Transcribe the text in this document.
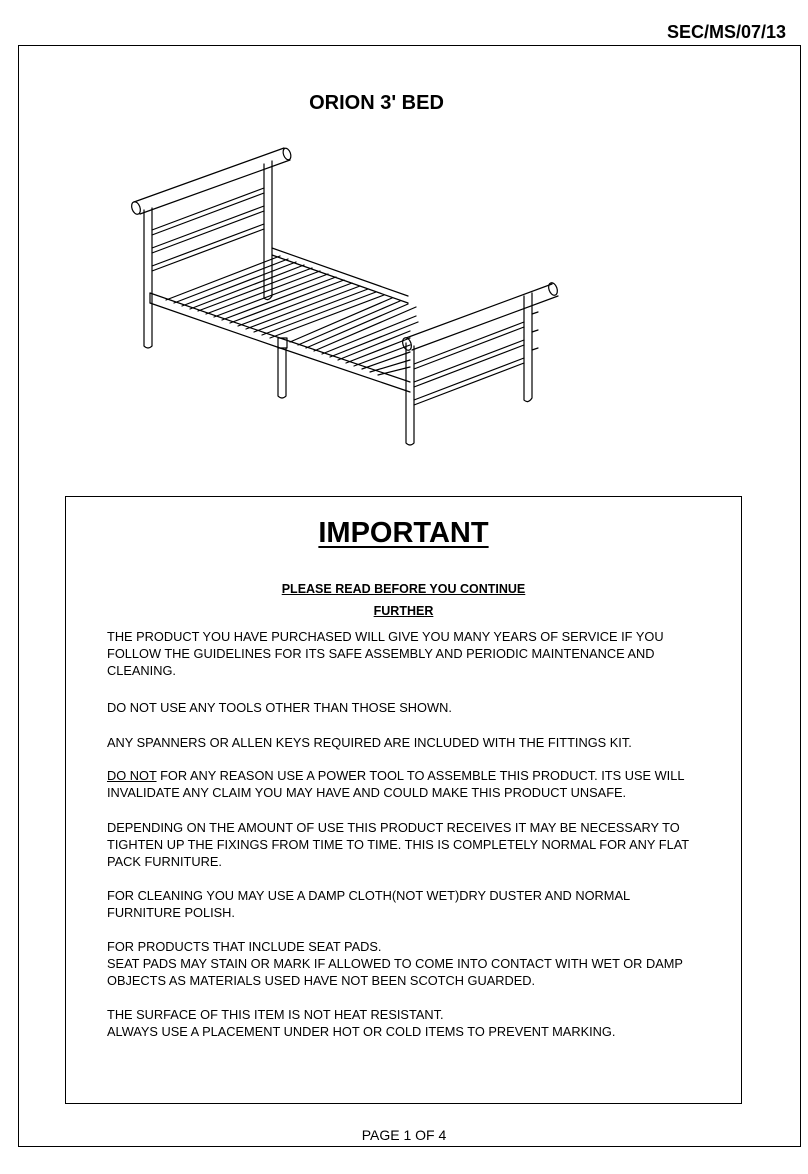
SEC/MS/07/13
ORION 3' BED
IMPORTANT
PLEASE READ BEFORE YOU CONTINUE
FURTHER

THE PRODUCT YOU HAVE PURCHASED WILL GIVE YOU MANY YEARS OF SERVICE IF YOU FOLLOW THE GUIDELINES FOR ITS SAFE ASSEMBLY AND PERIODIC MAINTENANCE AND CLEANING.

DO NOT USE ANY TOOLS OTHER THAN THOSE SHOWN.

ANY SPANNERS OR ALLEN KEYS REQUIRED ARE INCLUDED WITH THE FITTINGS KIT.

DO NOT FOR ANY REASON USE A POWER TOOL TO ASSEMBLE THIS PRODUCT. ITS USE WILL INVALIDATE ANY CLAIM YOU MAY HAVE AND COULD MAKE THIS PRODUCT UNSAFE.

DEPENDING ON THE AMOUNT OF USE THIS PRODUCT RECEIVES IT MAY BE NECESSARY TO TIGHTEN UP THE FIXINGS FROM TIME TO TIME. THIS IS COMPLETELY NORMAL FOR ANY FLAT PACK FURNITURE.

FOR CLEANING YOU MAY USE A DAMP CLOTH(NOT WET)DRY DUSTER AND NORMAL FURNITURE POLISH.

FOR PRODUCTS THAT INCLUDE SEAT PADS.
SEAT PADS MAY STAIN OR MARK IF ALLOWED TO COME INTO CONTACT WITH WET OR DAMP OBJECTS AS MATERIALS USED HAVE NOT BEEN SCOTCH GUARDED.
THE SURFACE OF THIS ITEM IS NOT HEAT RESISTANT.
ALWAYS USE A PLACEMENT UNDER HOT OR COLD ITEMS TO PREVENT MARKING.
PAGE 1 OF 4
